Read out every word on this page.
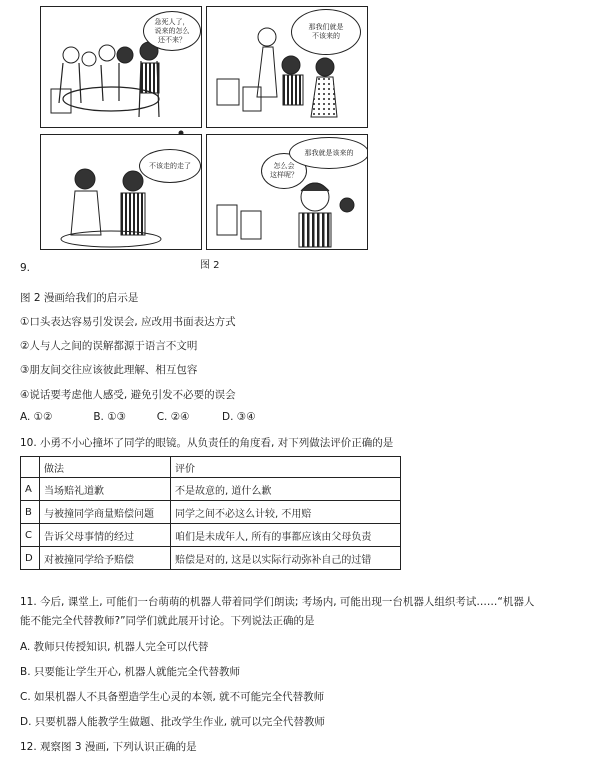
急死人了，
说来的怎么
还不来？
那我们就是
不该来的
不该走的走了	怎么会
这样呢？
那我就是该来的
图 2
9.
图 2 漫画给我们的启示是
①口头表达容易引发误会, 应改用书面表达方式
②人与人之间的误解都源于语言不文明
③朋友间交往应该彼此理解、相互包容
④说话要考虑他人感受, 避免引发不必要的误会
A. ①②	B. ①③	C. ②④	D. ③④
10. 小勇不小心撞坏了同学的眼镜。从负责任的角度看, 对下列做法评价正确的是
	做法	评价
A	当场赔礼道歉	不是故意的, 道什么歉
B	与被撞同学商量赔偿问题	同学之间不必这么计较, 不用赔
C	告诉父母事情的经过	咱们是未成年人, 所有的事都应该由父母负责
D	对被撞同学给予赔偿	赔偿是对的, 这是以实际行动弥补自己的过错
11. 今后, 课堂上, 可能们一台萌萌的机器人带着同学们朗读; 考场内, 可能出现一台机器人组织考试……“机器人
能不能完全代替教师?”同学们就此展开讨论。下列说法正确的是
A. 教师只传授知识, 机器人完全可以代替
B. 只要能让学生开心, 机器人就能完全代替教师
C. 如果机器人不具备塑造学生心灵的本领, 就不可能完全代替教师
D. 只要机器人能教学生做题、批改学生作业, 就可以完全代替教师
12. 观察图 3 漫画, 下列认识正确的是
